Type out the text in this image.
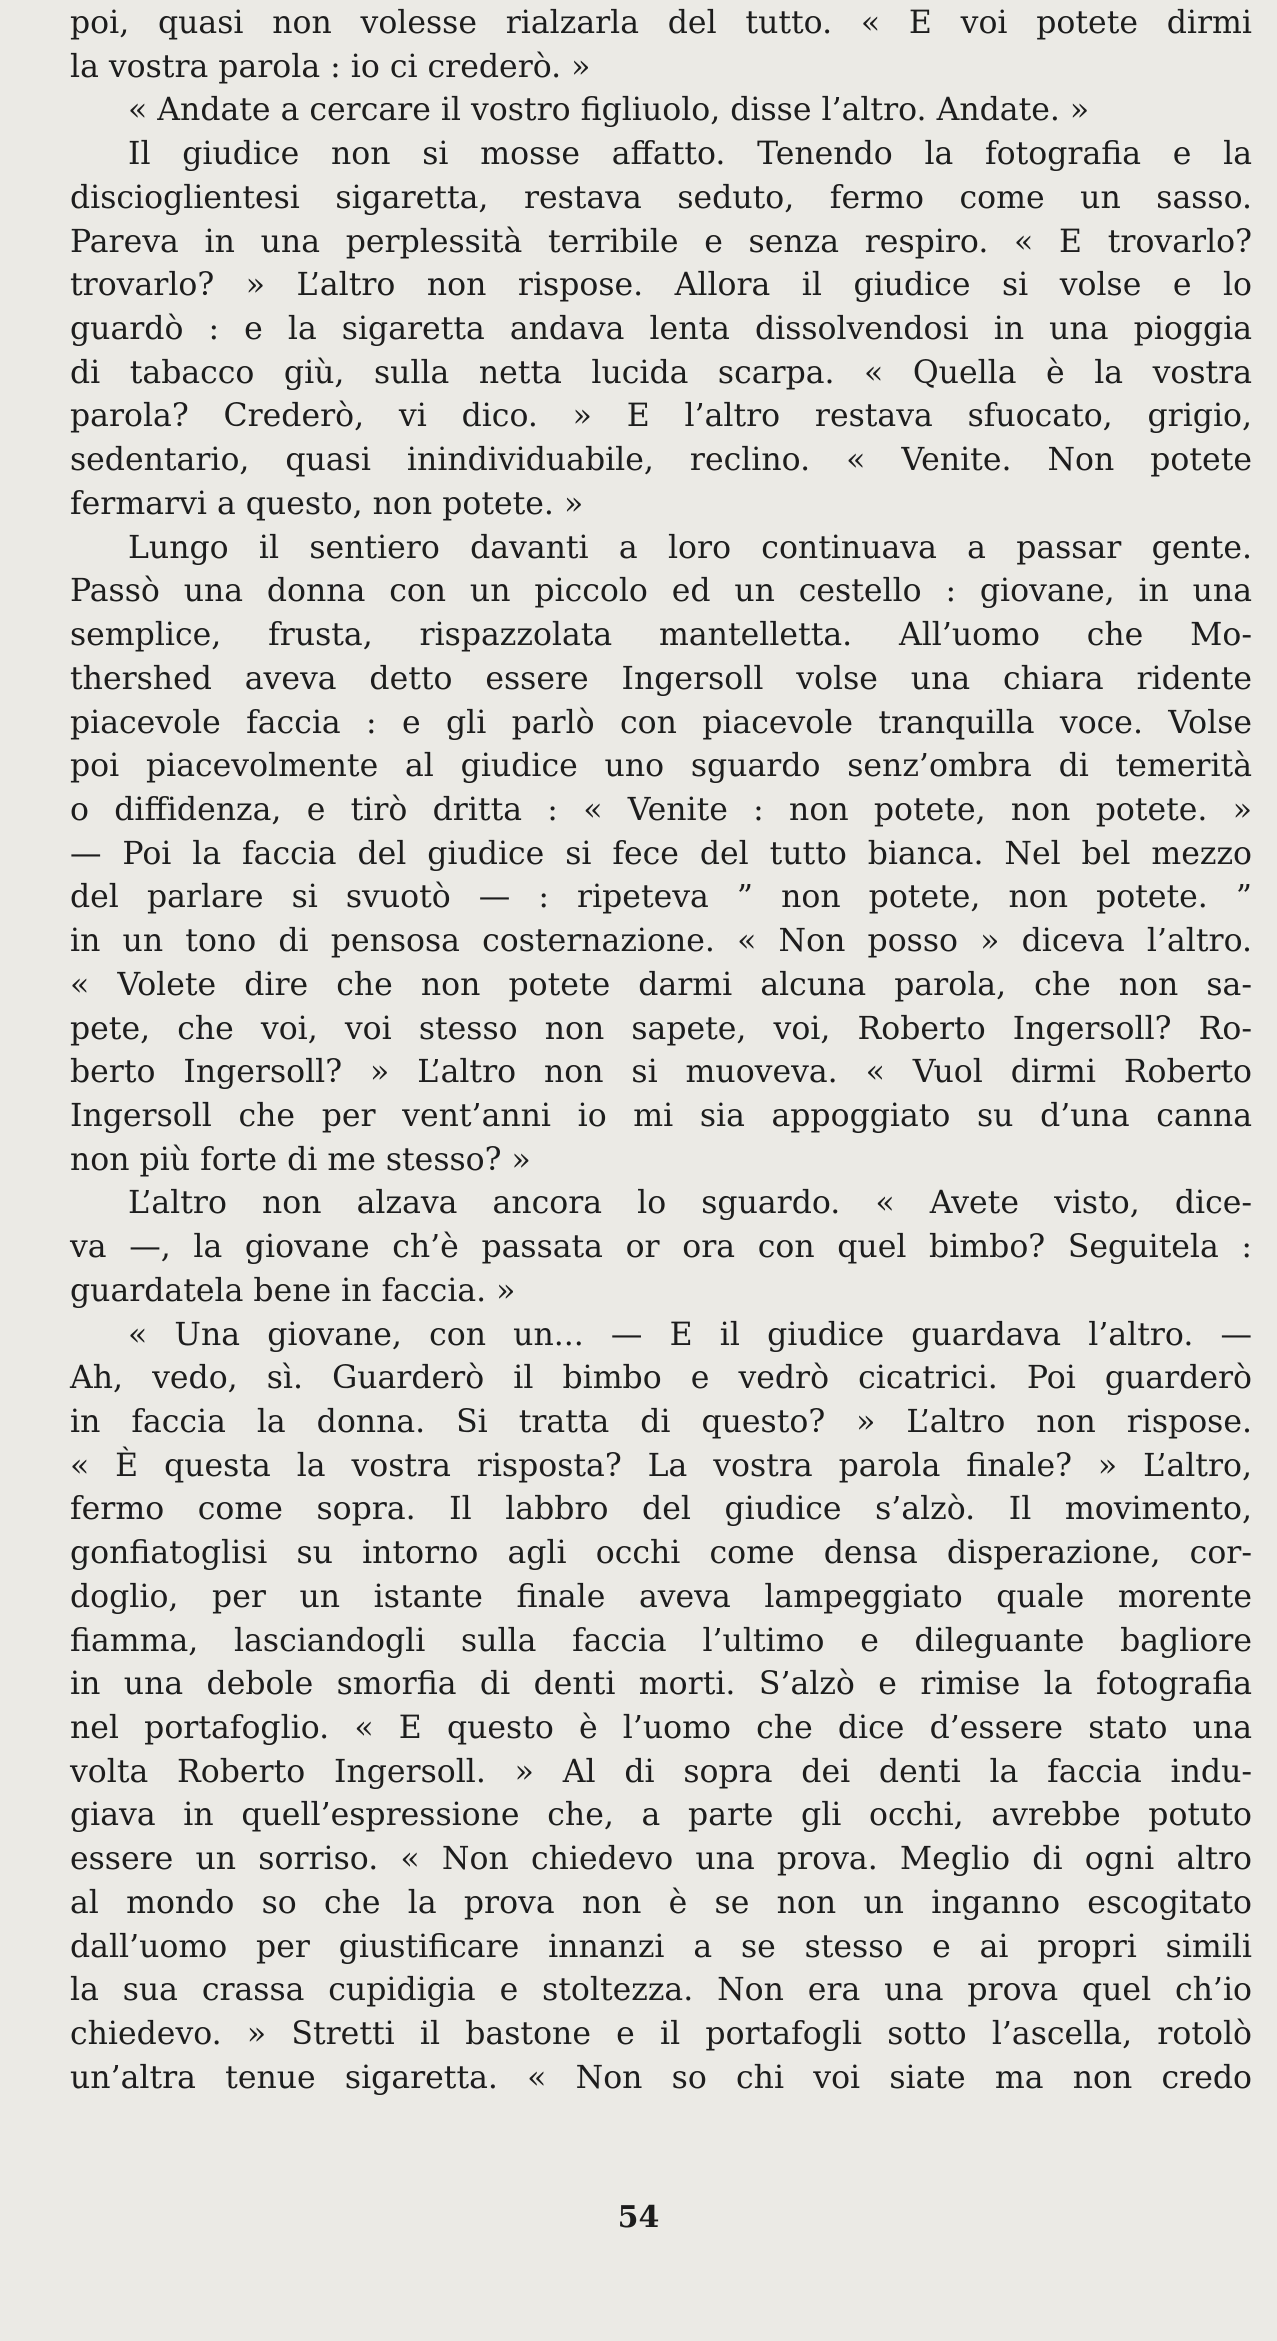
poi, quasi non volesse rialzarla del tutto. « E voi potete dirmi
la vostra parola : io ci crederò. »
« Andate a cercare il vostro figliuolo, disse l’altro. Andate. »
Il giudice non si mosse affatto. Tenendo la fotografia e la
discioglientesi sigaretta, restava seduto, fermo come un sasso.
Pareva in una perplessità terribile e senza respiro. « E trovarlo?
trovarlo? » L’altro non rispose. Allora il giudice si volse e lo
guardò : e la sigaretta andava lenta dissolvendosi in una pioggia
di tabacco giù, sulla netta lucida scarpa. « Quella è la vostra
parola? Crederò, vi dico. » E l’altro restava sfuocato, grigio,
sedentario, quasi inindividuabile, reclino. « Venite. Non potete
fermarvi a questo, non potete. »
Lungo il sentiero davanti a loro continuava a passar gente.
Passò una donna con un piccolo ed un cestello : giovane, in una
semplice, frusta, rispazzolata mantelletta. All’uomo che Mo-
thershed aveva detto essere Ingersoll volse una chiara ridente
piacevole faccia : e gli parlò con piacevole tranquilla voce. Volse
poi piacevolmente al giudice uno sguardo senz’ombra di temerità
o diffidenza, e tirò dritta : « Venite : non potete, non potete. »
— Poi la faccia del giudice si fece del tutto bianca. Nel bel mezzo
del parlare si svuotò — : ripeteva ” non potete, non potete. ”
in un tono di pensosa costernazione. « Non posso » diceva l’altro.
« Volete dire che non potete darmi alcuna parola, che non sa-
pete, che voi, voi stesso non sapete, voi, Roberto Ingersoll? Ro-
berto Ingersoll? » L’altro non si muoveva. « Vuol dirmi Roberto
Ingersoll che per vent’anni io mi sia appoggiato su d’una canna
non più forte di me stesso? »
L’altro non alzava ancora lo sguardo. « Avete visto, dice-
va —, la giovane ch’è passata or ora con quel bimbo? Seguitela :
guardatela bene in faccia. »
« Una giovane, con un... — E il giudice guardava l’altro. —
Ah, vedo, sì. Guarderò il bimbo e vedrò cicatrici. Poi guarderò
in faccia la donna. Si tratta di questo? » L’altro non rispose.
« È questa la vostra risposta? La vostra parola finale? » L’altro,
fermo come sopra. Il labbro del giudice s’alzò. Il movimento,
gonfiatoglisi su intorno agli occhi come densa disperazione, cor-
doglio, per un istante finale aveva lampeggiato quale morente
fiamma, lasciandogli sulla faccia l’ultimo e dileguante bagliore
in una debole smorfia di denti morti. S’alzò e rimise la fotografia
nel portafoglio. « E questo è l’uomo che dice d’essere stato una
volta Roberto Ingersoll. » Al di sopra dei denti la faccia indu-
giava in quell’espressione che, a parte gli occhi, avrebbe potuto
essere un sorriso. « Non chiedevo una prova. Meglio di ogni altro
al mondo so che la prova non è se non un inganno escogitato
dall’uomo per giustificare innanzi a se stesso e ai propri simili
la sua crassa cupidigia e stoltezza. Non era una prova quel ch’io
chiedevo. » Stretti il bastone e il portafogli sotto l’ascella, rotolò
un’altra tenue sigaretta. « Non so chi voi siate ma non credo
54
